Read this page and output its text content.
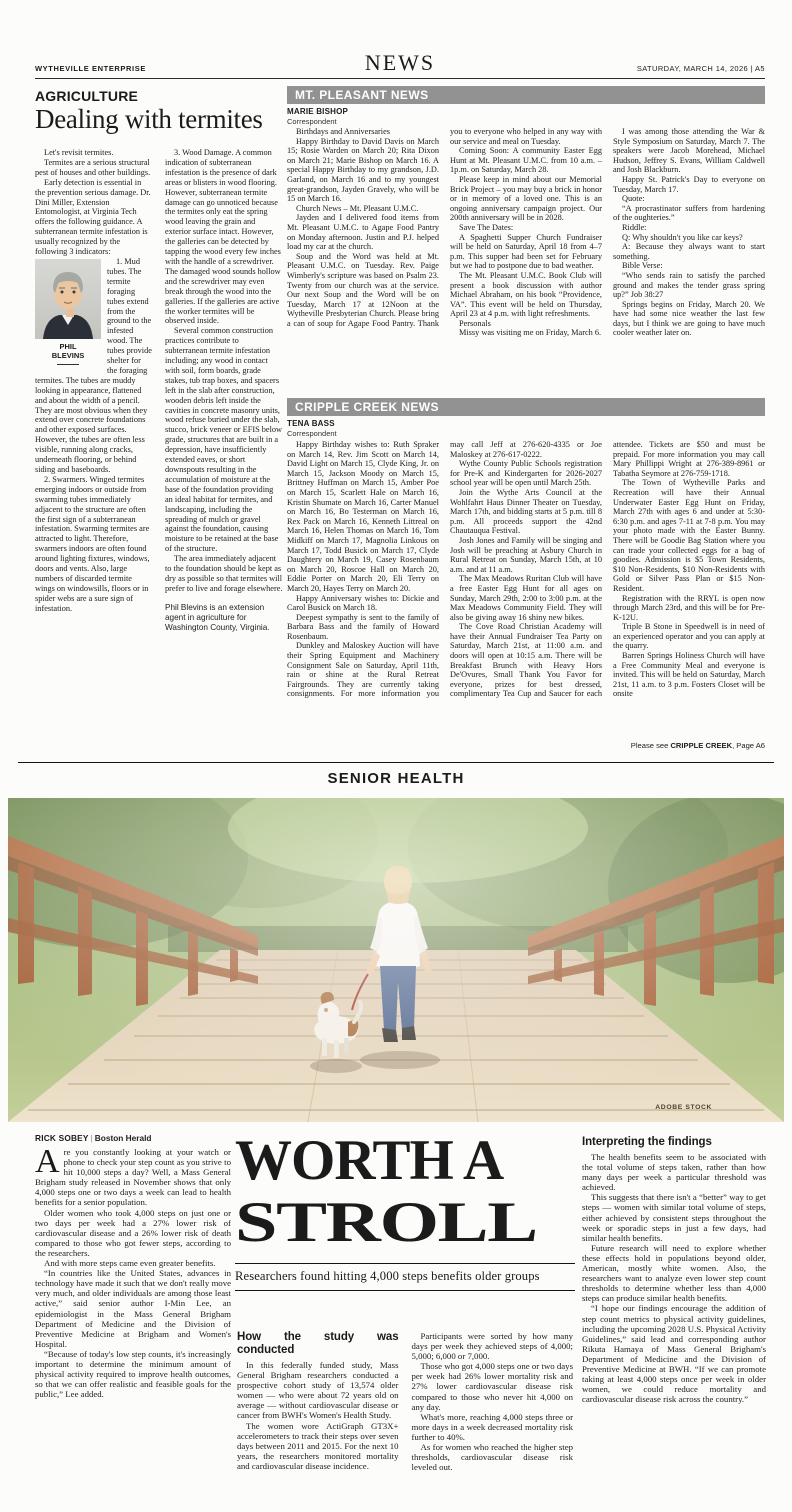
WYTHEVILLE ENTERPRISE	NEWS	SATURDAY, MARCH 14, 2026 | A5
AGRICULTURE
Dealing with termites

Let's revisit termites.

Termites are a serious structural pest of houses and other buildings.

Early detection is essential in the prevention serious damage. Dr. Dini Miller, Extension Entomologist, at Virginia Tech offers the following guidance. A subterranean termite infestation is usually recognized by the following 3 indicators:

PHIL BLEVINS

1. Mud tubes. The termite foraging tubes extend from the ground to the infested wood. The tubes provide shelter for the foraging termites. The tubes are muddy looking in appearance, flattened and about the width of a pencil. They are most obvious when they extend over concrete foundations and other exposed surfaces. However, the tubes are often less visible, running along cracks, underneath flooring, or behind siding and baseboards.

2. Swarmers. Winged termites emerging indoors or outside from swarming tubes immediately adjacent to the structure are often the first sign of a subterranean infestation. Swarming termites are attracted to light. Therefore, swarmers indoors are often found around lighting fixtures, windows, doors and vents. Also, large numbers of discarded termite wings on windowsills, floors or in spider webs are a sure sign of infestation.

3. Wood Damage. A common indication of subterranean infestation is the presence of dark areas or blisters in wood flooring. However, subterranean termite damage can go unnoticed because the termites only eat the spring wood leaving the grain and exterior surface intact. However, the galleries can be detected by tapping the wood every few inches with the handle of a screwdriver. The damaged wood sounds hollow and the screwdriver may even break through the wood into the galleries. If the galleries are active the worker termites will be observed inside.

Several common construction practices contribute to subterranean termite infestation including; any wood in contact with soil, form boards, grade stakes, tub trap boxes, and spacers left in the slab after construction, wooden debris left inside the cavities in concrete masonry units, wood refuse buried under the slab, stucco, brick veneer or EFIS below grade, structures that are built in a depression, have insufficiently extended eaves, or short downspouts resulting in the accumulation of moisture at the base of the foundation providing an ideal habitat for termites, and landscaping, including the spreading of mulch or gravel against the foundation, causing moisture to be retained at the base of the structure.

The area immediately adjacent to the foundation should be kept as dry as possible so that termites will prefer to live and forage elsewhere.

Phil Blevins is an extension agent in agriculture for Washington County, Virginia.

MT. PLEASANT NEWS
MARIE BISHOP
Correspondent

Birthdays and Anniversaries

Happy Birthday to David Davis on March 15; Rosie Warden on March 20; Rita Dixon on March 21; Marie Bishop on March 16. A special Happy Birthday to my grandson, J.D. Garland, on March 16 and to my youngest great-grandson, Jayden Gravely, who will be 15 on March 16.

Church News – Mt. Pleasant U.M.C.

Jayden and I delivered food items from Mt. Pleasant U.M.C. to Agape Food Pantry on Monday afternoon. Justin and P.J. helped load my car at the church.

Soup and the Word was held at Mt. Pleasant U.M.C. on Tuesday. Rev. Paige Wimberly's scripture was based on Psalm 23. Twenty from our church was at the service. Our next Soup and the Word will be on Tuesday, March 17 at 12Noon at the Wytheville Presbyterian Church. Please bring a can of soup for Agape Food Pantry. Thank you to everyone who helped in any way with our service and meal on Tuesday.

Coming Soon: A community Easter Egg Hunt at Mt. Pleasant U.M.C. from 10 a.m. – 1p.m. on Saturday, March 28.

Please keep in mind about our Memorial Brick Project – you may buy a brick in honor or in memory of a loved one. This is an ongoing anniversary campaign project. Our 200th anniversary will be in 2028.

Save The Dates:

A Spaghetti Supper Church Fundraiser will be held on Saturday, April 18 from 4–7 p.m. This supper had been set for February but we had to postpone due to bad weather.

The Mt. Pleasant U.M.C. Book Club will present a book discussion with author Michael Abraham, on his book “Providence, VA”. This event will be held on Thursday, April 23 at 4 p.m. with light refreshments.

Personals

Missy was visiting me on Friday, March 6.

I was among those attending the War & Style Symposium on Saturday, March 7. The speakers were Jacob Morehead, Michael Hudson, Jeffrey S. Evans, William Caldwell and Josh Blackburn.

Happy St. Patrick's Day to everyone on Tuesday, March 17.

Quote:

“A procrastinator suffers from hardening of the oughteries.”

Riddle:

Q: Why shouldn't you like car keys?

A: Because they always want to start something.

Bible Verse:

“Who sends rain to satisfy the parched ground and makes the tender grass spring up?” Job 38:27

Springs begins on Friday, March 20. We have had some nice weather the last few days, but I think we are going to have much cooler weather later on.

CRIPPLE CREEK NEWS
TENA BASS
Correspondent

Happy Birthday wishes to: Ruth Spraker on March 14, Rev. Jim Scott on March 14, David Light on March 15, Clyde King, Jr. on March 15, Jackson Moody on March 15, Brittney Huffman on March 15, Amber Poe on March 15, Scarlett Hale on March 16, Kristin Shumate on March 16, Carter Manuel on March 16, Bo Testerman on March 16, Rex Pack on March 16, Kenneth Littreal on March 16, Helen Thomas on March 16, Tom Midkiff on March 17, Magnolia Linkous on March 17, Todd Busick on March 17, Clyde Daughtery on March 19, Casey Rosenbaum on March 20, Roscoe Hall on March 20, Eddie Porter on March 20, Eli Terry on March 20, Hayes Terry on March 20.

Happy Anniversary wishes to: Dickie and Carol Busick on March 18.

Deepest sympathy is sent to the family of Barbara Bass and the family of Howard Rosenbaum.

Dunkley and Maloskey Auction will have their Spring Equipment and Machinery Consignment Sale on Saturday, April 11th, rain or shine at the Rural Retreat Fairgrounds. They are currently taking consignments. For more information you may call Jeff at 276-620-4335 or Joe Maloskey at 276-617-0222.

Wythe County Public Schools registration for Pre-K and Kindergarten for 2026-2027 school year will be open until March 25th.

Join the Wythe Arts Council at the Wohlfahrt Haus Dinner Theater on Tuesday, March 17th, and bidding starts at 5 p.m. till 8 p.m. All proceeds support the 42nd Chautauqua Festival.

Josh Jones and Family will be singing and Josh will be preaching at Asbury Church in Rural Retreat on Sunday, March 15th, at 10 a.m. and at 11 a.m.

The Max Meadows Ruritan Club will have a free Easter Egg Hunt for all ages on Sunday, March 29th, 2:00 to 3:00 p.m. at the Max Meadows Community Field. They will also be giving away 16 shiny new bikes.

The Cove Road Christian Academy will have their Annual Fundraiser Tea Party on Saturday, March 21st, at 11:00 a.m. and doors will open at 10:15 a.m. There will be Breakfast Brunch with Heavy Hors De'Ovures, Small Thank You Favor for everyone, prizes for best dressed, complimentary Tea Cup and Saucer for each attendee. Tickets are $50 and must be prepaid. For more information you may call Mary Phillippi Wright at 276-389-8961 or Tabatha Seymore at 276-759-1718.

The Town of Wytheville Parks and Recreation will have their Annual Underwater Easter Egg Hunt on Friday, March 27th with ages 6 and under at 5:30-6:30 p.m. and ages 7-11 at 7-8 p.m. You may your photo made with the Easter Bunny. There will be Goodie Bag Station where you can trade your collected eggs for a bag of goodies. Admission is $5 Town Residents, $10 Non-Residents, $10 Non-Residents with Gold or Silver Pass Plan or $15 Non-Resident.

Registration with the RRYL is open now through March 23rd, and this will be for Pre-K-12U.

Triple B Stone in Speedwell is in need of an experienced operator and you can apply at the quarry.

Barren Springs Holiness Church will have a Free Community Meal and everyone is invited. This will be held on Saturday, March 21st, 11 a.m. to 3 p.m. Fosters Closet will be onsite

Please see CRIPPLE CREEK, Page A6
SENIOR HEALTH
ADOBE STOCK
RICK SOBEY | Boston Herald

Are you constantly looking at your watch or phone to check your step count as you strive to hit 10,000 steps a day? Well, a Mass General Brigham study released in November shows that only 4,000 steps one or two days a week can lead to health benefits for a senior population.

Older women who took 4,000 steps on just one or two days per week had a 27% lower risk of cardiovascular disease and a 26% lower risk of death compared to those who got fewer steps, according to the researchers.

And with more steps came even greater benefits.

“In countries like the United States, advances in technology have made it such that we don't really move very much, and older individuals are among those least active,” said senior author I-Min Lee, an epidemiologist in the Mass General Brigham Department of Medicine and the Division of Preventive Medicine at Brigham and Women's Hospital.

“Because of today's low step counts, it's increasingly important to determine the minimum amount of physical activity required to improve health outcomes, so that we can offer realistic and feasible goals for the public,” Lee added.

WORTH A
STROLL
Researchers found hitting 4,000 steps benefits older groups
How the study was conducted

In this federally funded study, Mass General Brigham researchers conducted a prospective cohort study of 13,574 older women — who were about 72 years old on average — without cardiovascular disease or cancer from BWH's Women's Health Study.

The women wore ActiGraph GT3X+ accelerometers to track their steps over seven days between 2011 and 2015. For the next 10 years, the researchers monitored mortality and cardiovascular disease incidence.

Participants were sorted by how many days per week they achieved steps of 4,000; 5,000; 6,000 or 7,000.

Those who got 4,000 steps one or two days per week had 26% lower mortality risk and 27% lower cardiovascular disease risk compared to those who never hit 4,000 on any day.

What's more, reaching 4,000 steps three or more days in a week decreased mortality risk further to 40%.

As for women who reached the higher step thresholds, cardiovascular disease risk leveled out.

Interpreting the findings

The health benefits seem to be associated with the total volume of steps taken, rather than how many days per week a particular threshold was achieved.

This suggests that there isn't a “better” way to get steps — women with similar total volume of steps, either achieved by consistent steps throughout the week or sporadic steps in just a few days, had similar health benefits.

Future research will need to explore whether these effects hold in populations beyond older, American, mostly white women. Also, the researchers want to analyze even lower step count thresholds to determine whether less than 4,000 steps can produce similar health benefits.

“I hope our findings encourage the addition of step count metrics to physical activity guidelines, including the upcoming 2028 U.S. Physical Activity Guidelines,” said lead and corresponding author Rikuta Hamaya of Mass General Brigham's Department of Medicine and the Division of Preventive Medicine at BWH. “If we can promote taking at least 4,000 steps once per week in older women, we could reduce mortality and cardiovascular disease risk across the country.”
